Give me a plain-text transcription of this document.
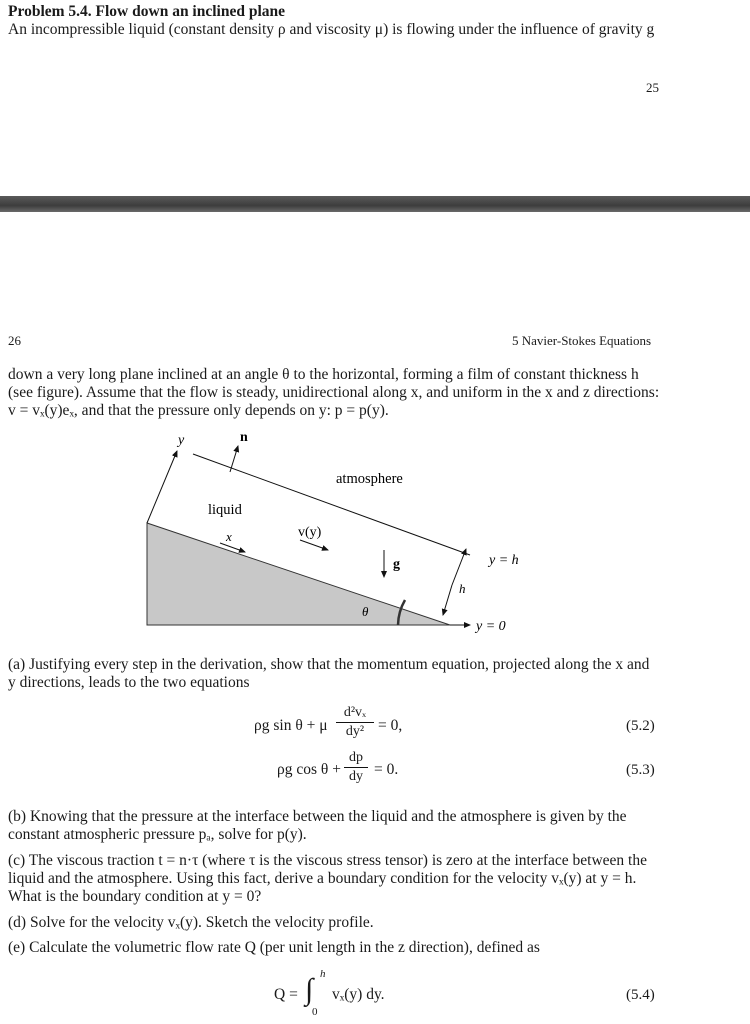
Problem 5.4. Flow down an inclined plane
An incompressible liquid (constant density ρ and viscosity μ) is flowing under the influence of gravity g
25
26	5 Navier-Stokes Equations
down a very long plane inclined at an angle θ to the horizontal, forming a film of constant thickness h
(see figure). Assume that the flow is steady, unidirectional along x, and uniform in the x and z directions:
v = vₓ(y)eₓ, and that the pressure only depends on y: p = p(y).
y	n
atmosphere
liquid
x	v(y)
g	y = h
h
θ
y = 0
(a) Justifying every step in the derivation, show that the momentum equation, projected along the x and
y directions, leads to the two equations
ρg sin θ + μ
d²vₓ
dy² = 0,	(5.2)
ρg cos θ +
dp
dy = 0.	(5.3)
(b) Knowing that the pressure at the interface between the liquid and the atmosphere is given by the
constant atmospheric pressure pₐ, solve for p(y).
(c) The viscous traction t = n·τ (where τ is the viscous stress tensor) is zero at the interface between the
liquid and the atmosphere. Using this fact, derive a boundary condition for the velocity vₓ(y) at y = h.
What is the boundary condition at y = 0?
(d) Solve for the velocity vₓ(y). Sketch the velocity profile.
(e) Calculate the volumetric flow rate Q (per unit length in the z direction), defined as
Q = ∫ h
0
vₓ(y) dy.	(5.4)
